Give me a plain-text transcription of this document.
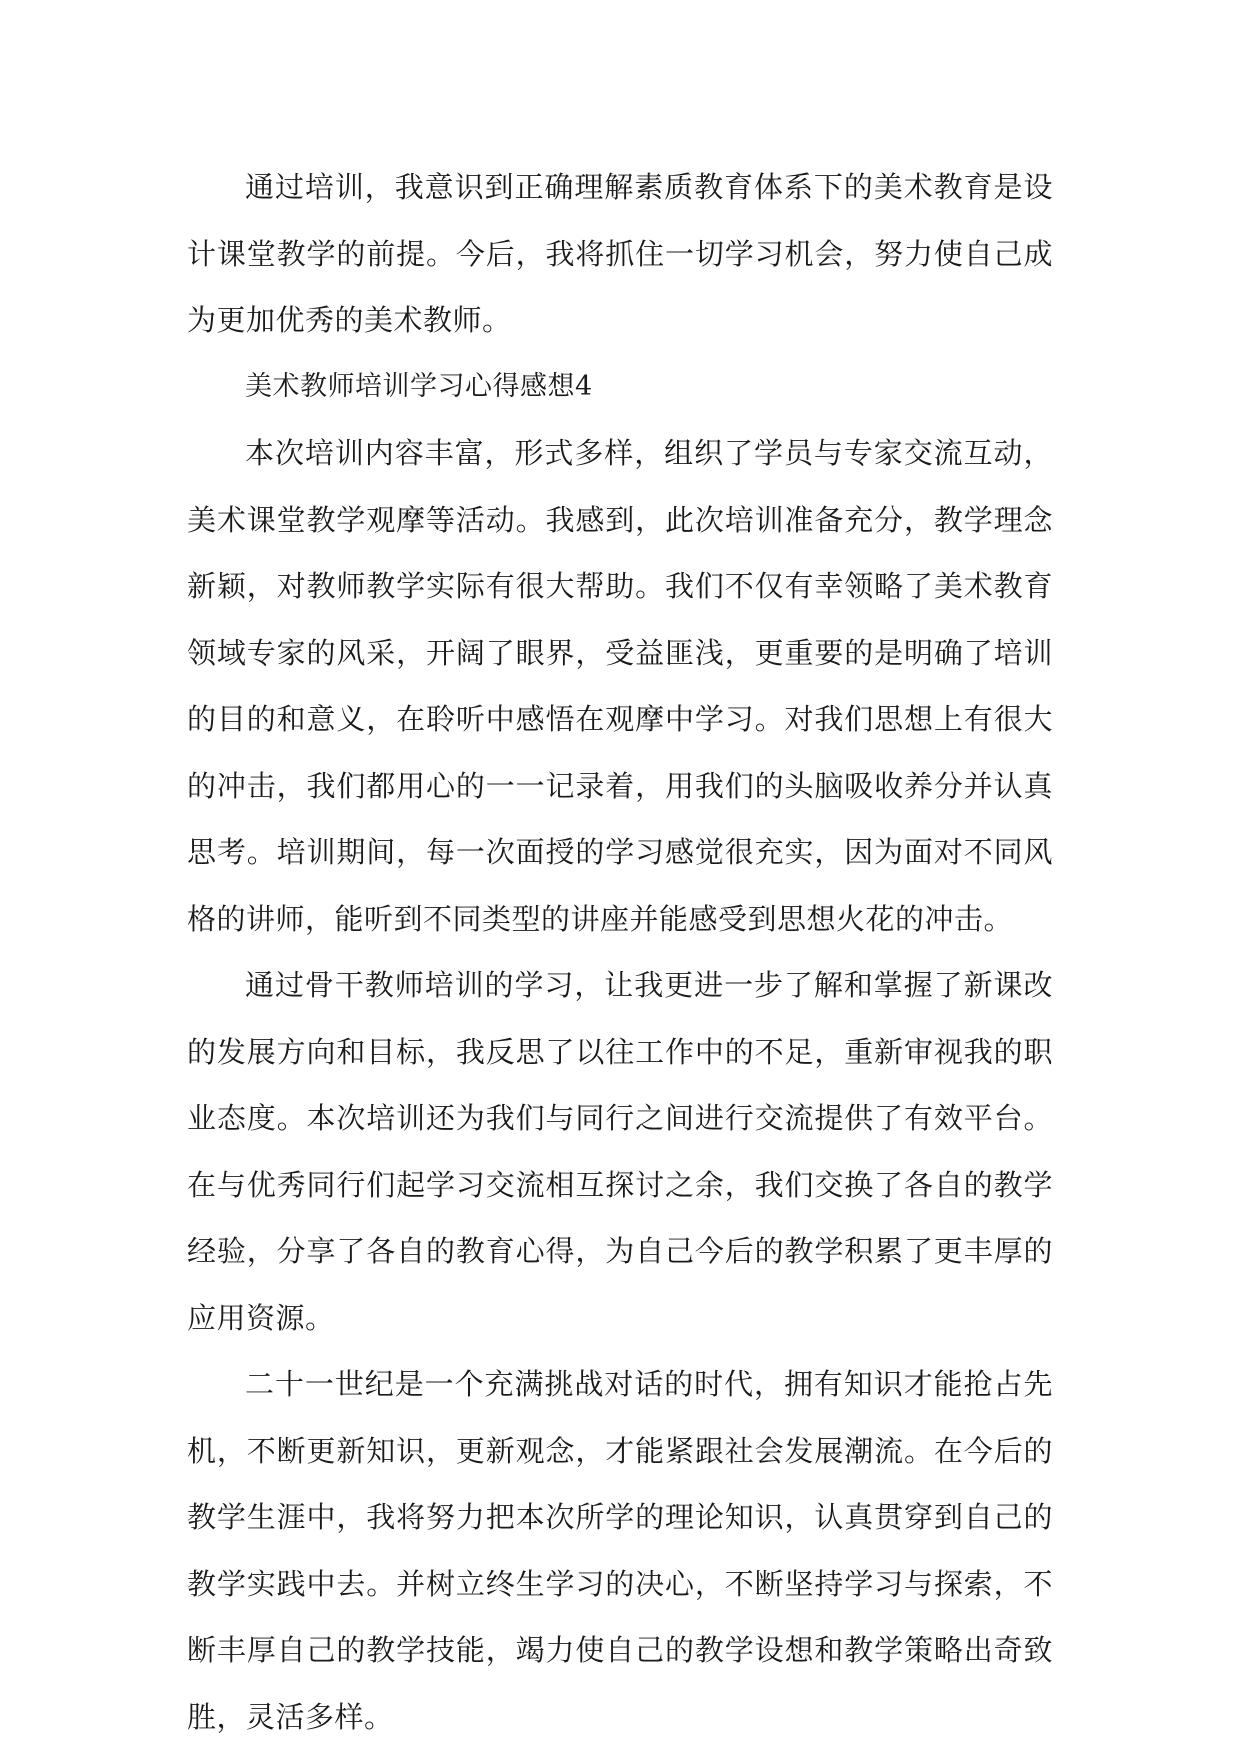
通过培训，我意识到正确理解素质教育体系下的美术教育是设计课堂教学的前提。今后，我将抓住一切学习机会，努力使自己成为更加优秀的美术教师。

美术教师培训学习心得感想4

本次培训内容丰富，形式多样，组织了学员与专家交流互动，美术课堂教学观摩等活动。我感到，此次培训准备充分，教学理念新颖，对教师教学实际有很大帮助。我们不仅有幸领略了美术教育领域专家的风采，开阔了眼界，受益匪浅，更重要的是明确了培训的目的和意义，在聆听中感悟在观摩中学习。对我们思想上有很大的冲击，我们都用心的一一记录着，用我们的头脑吸收养分并认真思考。培训期间，每一次面授的学习感觉很充实，因为面对不同风格的讲师，能听到不同类型的讲座并能感受到思想火花的冲击。

通过骨干教师培训的学习，让我更进一步了解和掌握了新课改的发展方向和目标，我反思了以往工作中的不足，重新审视我的职业态度。本次培训还为我们与同行之间进行交流提供了有效平台。在与优秀同行们起学习交流相互探讨之余，我们交换了各自的教学经验，分享了各自的教育心得，为自己今后的教学积累了更丰厚的应用资源。

二十一世纪是一个充满挑战对话的时代，拥有知识才能抢占先机，不断更新知识，更新观念，才能紧跟社会发展潮流。在今后的教学生涯中，我将努力把本次所学的理论知识，认真贯穿到自己的教学实践中去。并树立终生学习的决心，不断坚持学习与探索，不断丰厚自己的教学技能，竭力使自己的教学设想和教学策略出奇致胜，灵活多样。
